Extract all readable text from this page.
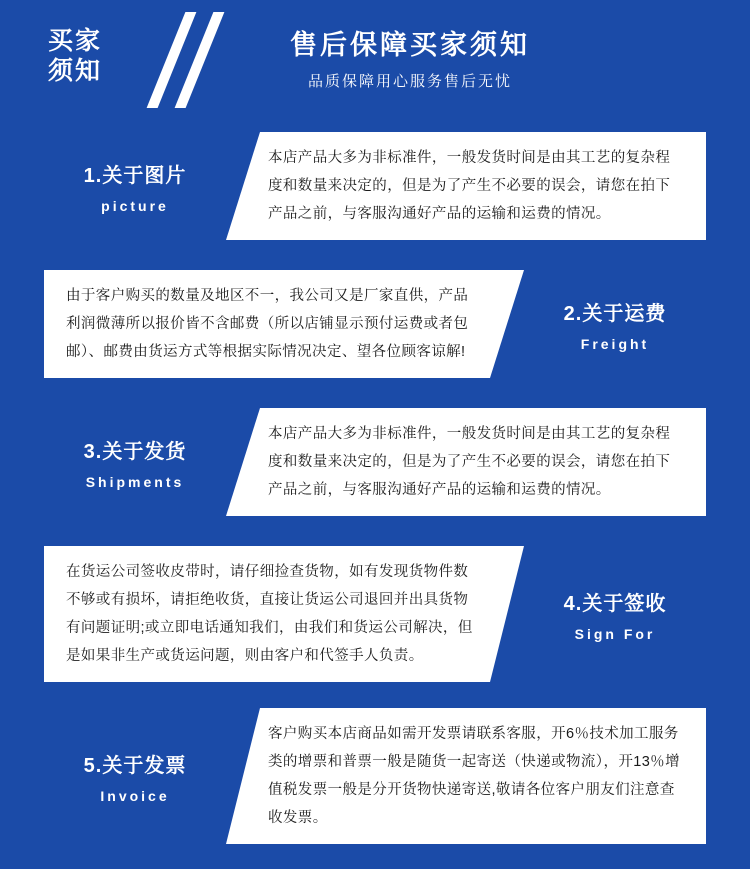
买家
须知
售后保障买家须知
品质保障用心服务售后无忧
1.关于图片
picture
本店产品大多为非标准件，一般发货时间是由其工艺的复杂程度和数量来决定的，但是为了产生不必要的误会，请您在拍下产品之前，与客服沟通好产品的运输和运费的情况。
由于客户购买的数量及地区不一，我公司又是厂家直供，产品利润微薄所以报价皆不含邮费（所以店铺显示预付运费或者包邮）、邮费由货运方式等根据实际情况决定、望各位顾客谅解!
2.关于运费
Freight
3.关于发货
Shipments
本店产品大多为非标准件，一般发货时间是由其工艺的复杂程度和数量来决定的，但是为了产生不必要的误会，请您在拍下产品之前，与客服沟通好产品的运输和运费的情况。
在货运公司签收皮带时，请仔细捡查货物，如有发现货物件数不够或有损坏，请拒绝收货，直接让货运公司退回并出具货物有问题证明;或立即电话通知我们，由我们和货运公司解决，但是如果非生产或货运问题，则由客户和代签手人负责。
4.关于签收
Sign For
5.关于发票
Invoice
客户购买本店商品如需开发票请联系客服，开6％技术加工服务类的增票和普票一般是随货一起寄送（快递或物流），开13％增值税发票一般是分开货物快递寄送,敬请各位客户朋友们注意查收发票。
